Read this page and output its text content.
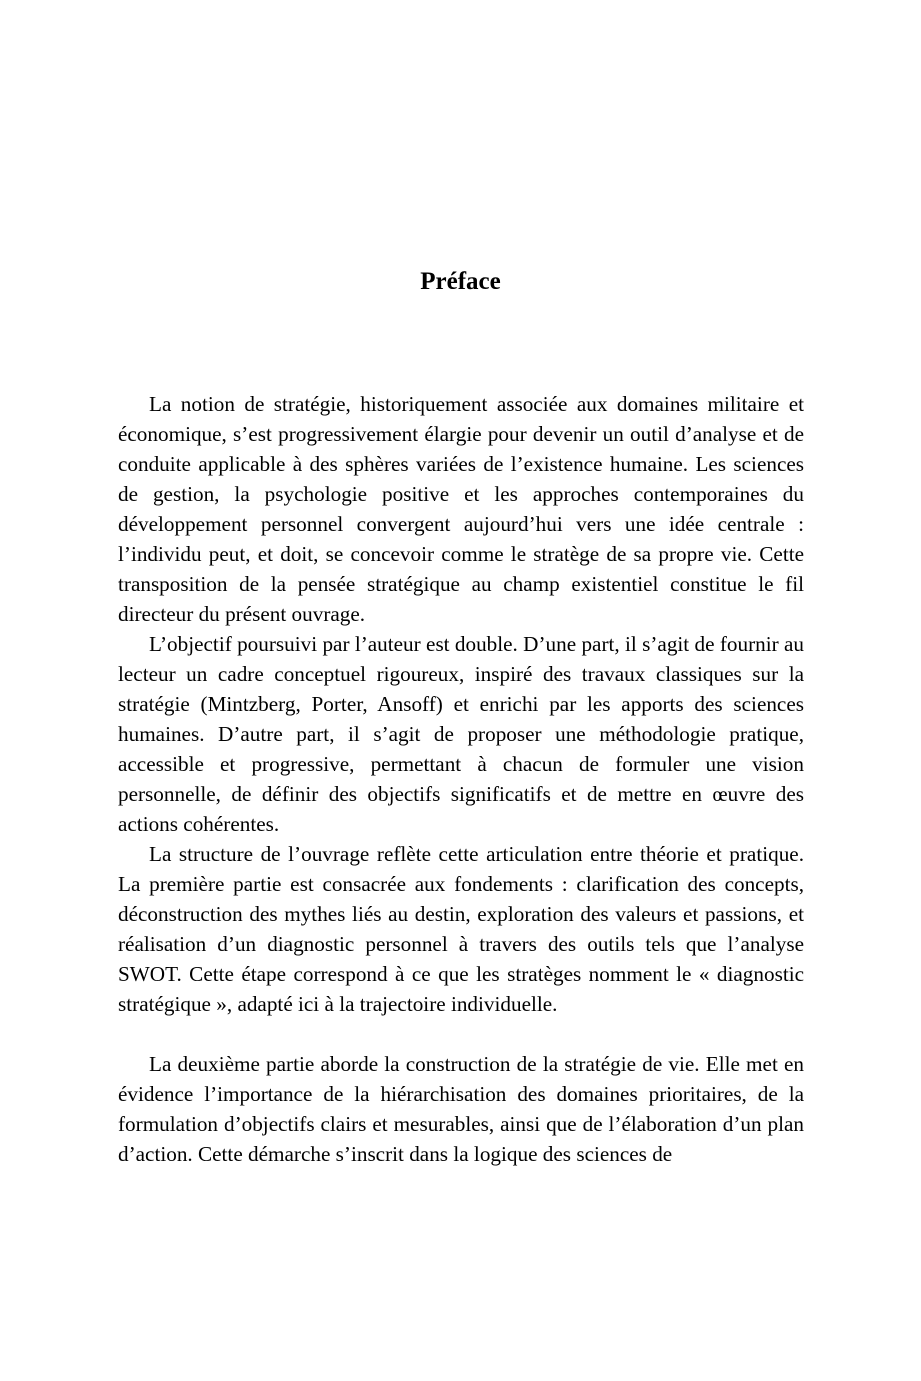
Préface

La notion de stratégie, historiquement associée aux domaines militaire et économique, s’est progressivement élargie pour devenir un outil d’analyse et de conduite applicable à des sphères variées de l’existence humaine. Les sciences de gestion, la psychologie positive et les approches contemporaines du développement personnel convergent aujourd’hui vers une idée centrale : l’individu peut, et doit, se concevoir comme le stratège de sa propre vie. Cette transposition de la pensée stratégique au champ existentiel constitue le fil directeur du présent ouvrage.

L’objectif poursuivi par l’auteur est double. D’une part, il s’agit de fournir au lecteur un cadre conceptuel rigoureux, inspiré des travaux classiques sur la stratégie (Mintzberg, Porter, Ansoff) et enrichi par les apports des sciences humaines. D’autre part, il s’agit de proposer une méthodologie pratique, accessible et progressive, permettant à chacun de formuler une vision personnelle, de définir des objectifs significatifs et de mettre en œuvre des actions cohérentes.

La structure de l’ouvrage reflète cette articulation entre théorie et pratique. La première partie est consacrée aux fondements : clarification des concepts, déconstruction des mythes liés au destin, exploration des valeurs et passions, et réalisation d’un diagnostic personnel à travers des outils tels que l’analyse SWOT. Cette étape correspond à ce que les stratèges nomment le « diagnostic stratégique », adapté ici à la trajectoire individuelle.

La deuxième partie aborde la construction de la stratégie de vie. Elle met en évidence l’importance de la hiérarchisation des domaines prioritaires, de la formulation d’objectifs clairs et mesurables, ainsi que de l’élaboration d’un plan d’action. Cette démarche s’inscrit dans la logique des sciences de
